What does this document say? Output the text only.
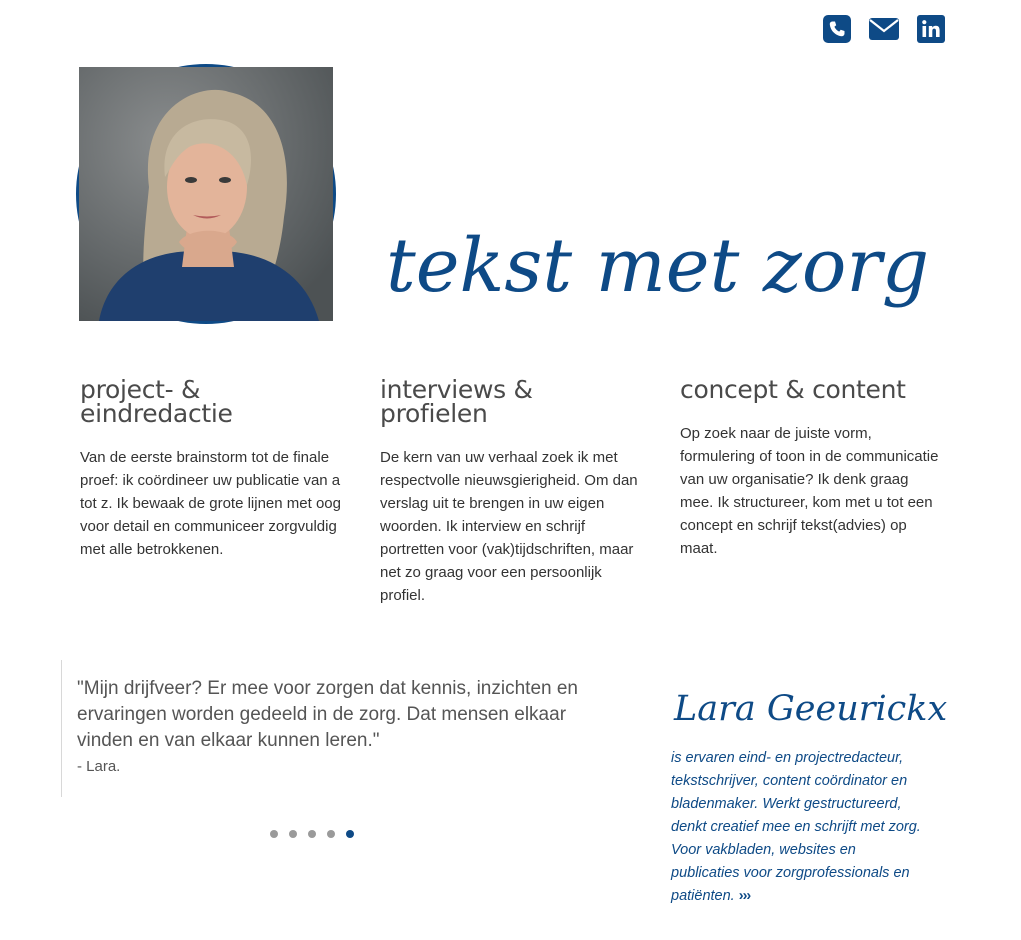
tekst met zorg
project- & eindredactie

Van de eerste brainstorm tot de finale proef: ik coördineer uw publicatie van a tot z. Ik bewaak de grote lijnen met oog voor detail en communiceer zorgvuldig met alle betrokkenen.

interviews & profielen

De kern van uw verhaal zoek ik met respectvolle nieuwsgierigheid. Om dan verslag uit te brengen in uw eigen woorden. Ik interview en schrijf portretten voor (vak)tijdschriften, maar net zo graag voor een persoonlijk profiel.

concept & content

Op zoek naar de juiste vorm, formulering of toon in de communicatie van uw organisatie? Ik denk graag mee. Ik structureer, kom met u tot een concept en schrijf tekst(advies) op maat.

"Mijn drijfveer? Er mee voor zorgen dat kennis, inzichten en ervaringen worden gedeeld in de zorg. Dat mensen elkaar vinden en van elkaar kunnen leren."
- Lara.
Lara Geeurickx
is ervaren eind- en projectredacteur, tekstschrijver, content coördinator en bladenmaker. Werkt gestructureerd, denkt creatief mee en schrijft met zorg. Voor vakbladen, websites en publicaties voor zorgprofessionals en patiënten. ›››
